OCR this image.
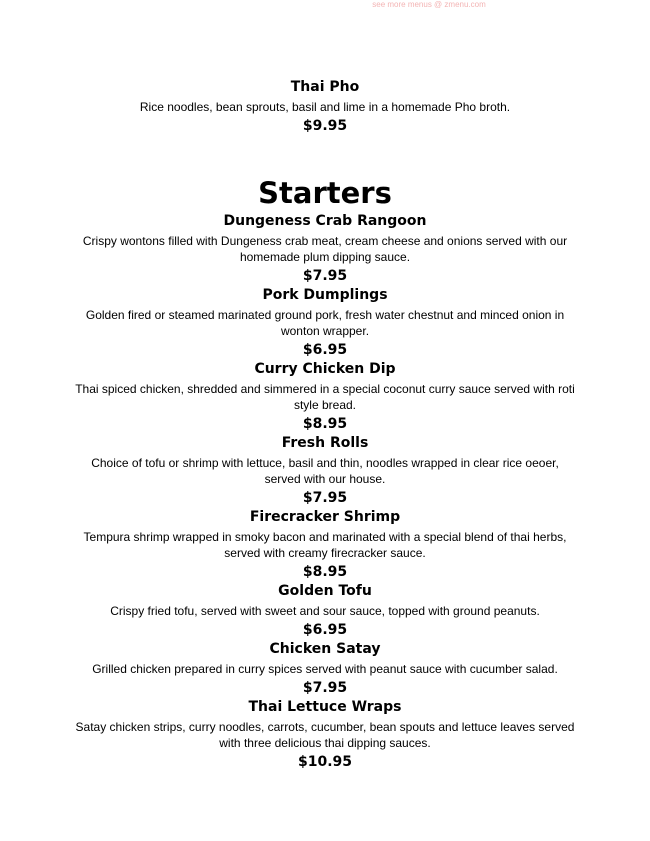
see more menus @ zmenu.com
Thai Pho
Rice noodles, bean sprouts, basil and lime in a homemade Pho broth.
$9.95
Starters
Dungeness Crab Rangoon
Crispy wontons filled with Dungeness crab meat, cream cheese and onions served with our homemade plum dipping sauce.
$7.95
Pork Dumplings
Golden fired or steamed marinated ground pork, fresh water chestnut and minced onion in wonton wrapper.
$6.95
Curry Chicken Dip
Thai spiced chicken, shredded and simmered in a special coconut curry sauce served with roti style bread.
$8.95
Fresh Rolls
Choice of tofu or shrimp with lettuce, basil and thin, noodles wrapped in clear rice oeoer, served with our house.
$7.95
Firecracker Shrimp
Tempura shrimp wrapped in smoky bacon and marinated with a special blend of thai herbs, served with creamy firecracker sauce.
$8.95
Golden Tofu
Crispy fried tofu, served with sweet and sour sauce, topped with ground peanuts.
$6.95
Chicken Satay
Grilled chicken prepared in curry spices served with peanut sauce with cucumber salad.
$7.95
Thai Lettuce Wraps
Satay chicken strips, curry noodles, carrots, cucumber, bean spouts and lettuce leaves served with three delicious thai dipping sauces.
$10.95
